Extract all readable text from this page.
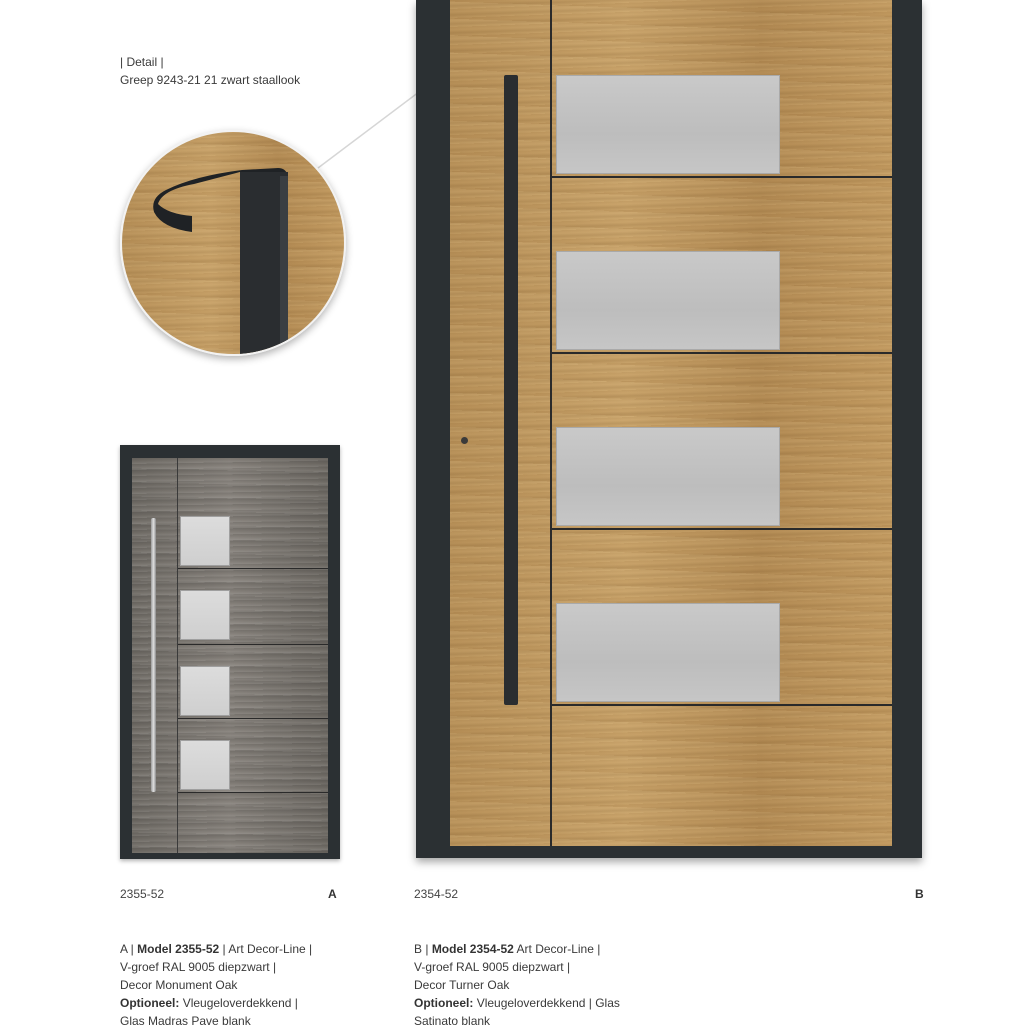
| Detail |
Greep 9243-21 21 zwart staallook
2355-52	A	2354-52	B
A | Model 2355-52 | Art Decor-Line |
V-groef RAL 9005 diepzwart |
Decor Monument Oak
Optioneel: Vleugeloverdekkend |
Glas Madras Pave blank
B | Model 2354-52 Art Decor-Line |
V-groef RAL 9005 diepzwart |
Decor Turner Oak
Optioneel: Vleugeloverdekkend | Glas
Satinato blank
